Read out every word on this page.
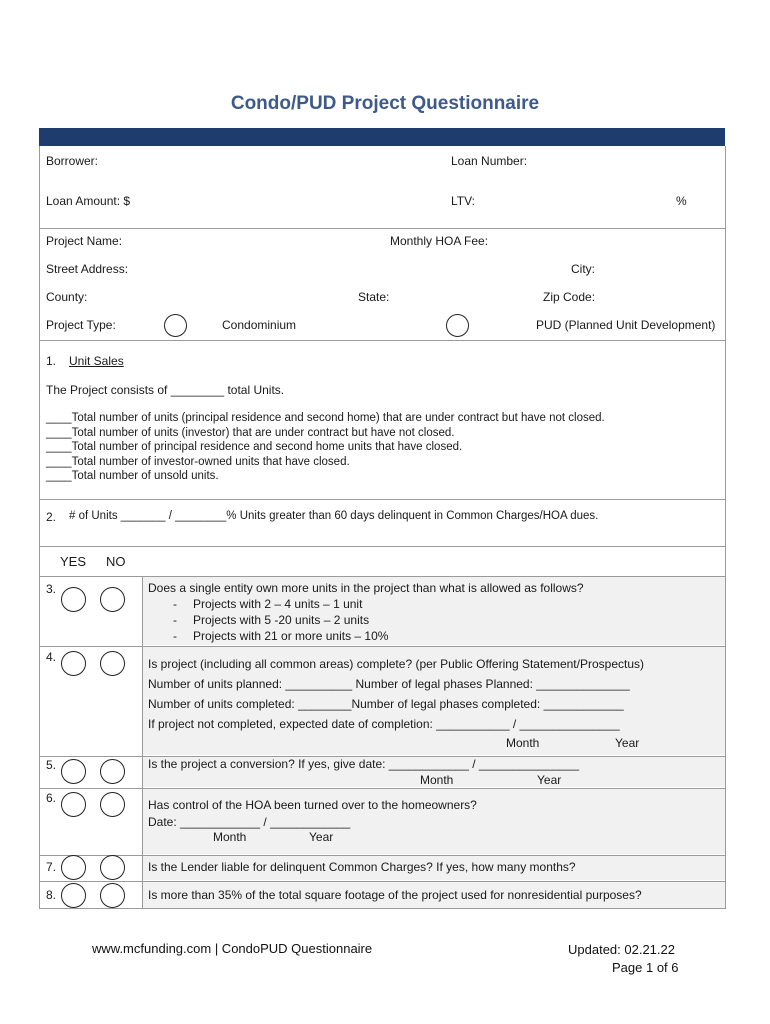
Condo/PUD Project Questionnaire
Borrower:	Loan Number:
Loan Amount: $	LTV:	%
Project Name:	Monthly HOA Fee:
Street Address:	City:
County:	State:	Zip Code:
Project Type:	Condominium	PUD (Planned Unit Development)
1. Unit Sales
The Project consists of ________ total Units.
____Total number of units (principal residence and second home) that are under contract but have not closed.
____Total number of units (investor) that are under contract but have not closed.
____Total number of principal residence and second home units that have closed.
____Total number of investor-owned units that have closed.
____Total number of unsold units.
2. # of Units _______ / ________% Units greater than 60 days delinquent in Common Charges/HOA dues.
YES NO
3.	Does a single entity own more units in the project than what is allowed as follows?
- Projects with 2 – 4 units – 1 unit
- Projects with 5 -20 units – 2 units
- Projects with 21 or more units – 10%
4.	Is project (including all common areas) complete? (per Public Offering Statement/Prospectus)
Number of units planned: __________ Number of legal phases Planned: ______________
Number of units completed: ________Number of legal phases completed: ____________
If project not completed, expected date of completion: ___________ / _______________
Month	Year
5.	Is the project a conversion? If yes, give date: ____________ / _______________
Month	Year
6.	Has control of the HOA been turned over to the homeowners?
Date: ____________ / ____________
Month	Year
7.	Is the Lender liable for delinquent Common Charges? If yes, how many months?
8.	Is more than 35% of the total square footage of the project used for nonresidential purposes?
www.mcfunding.com | CondoPUD Questionnaire	Updated: 02.21.22
Page 1 of 6
